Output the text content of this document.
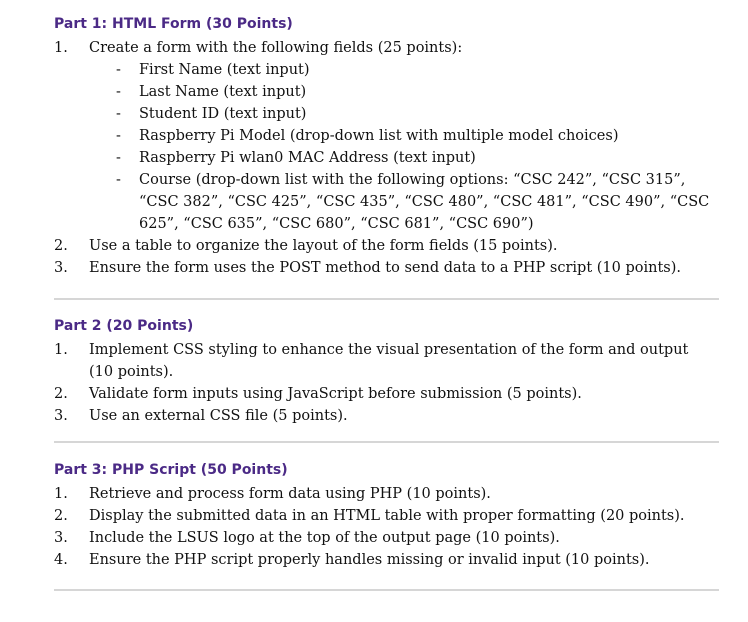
Part 1: HTML Form (30 Points)
1.	Create a form with the following fields (25 points):
- First Name (text input)
- Last Name (text input)
- Student ID (text input)
- Raspberry Pi Model (drop-down list with multiple model choices)
- Raspberry Pi wlan0 MAC Address (text input)
- Course (drop-down list with the following options: “CSC 242”, “CSC 315”, “CSC 382”, “CSC 425”, “CSC 435”, “CSC 480”, “CSC 481”, “CSC 490”, “CSC 625”, “CSC 635”, “CSC 680”, “CSC 681”, “CSC 690”)
2.	Use a table to organize the layout of the form fields (15 points).
3.	Ensure the form uses the POST method to send data to a PHP script (10 points).
Part 2 (20 Points)
1.	Implement CSS styling to enhance the visual presentation of the form and output (10 points).
2.	Validate form inputs using JavaScript before submission (5 points).
3.	Use an external CSS file (5 points).
Part 3: PHP Script (50 Points)
1.	Retrieve and process form data using PHP (10 points).
2.	Display the submitted data in an HTML table with proper formatting (20 points).
3.	Include the LSUS logo at the top of the output page (10 points).
4.	Ensure the PHP script properly handles missing or invalid input (10 points).
